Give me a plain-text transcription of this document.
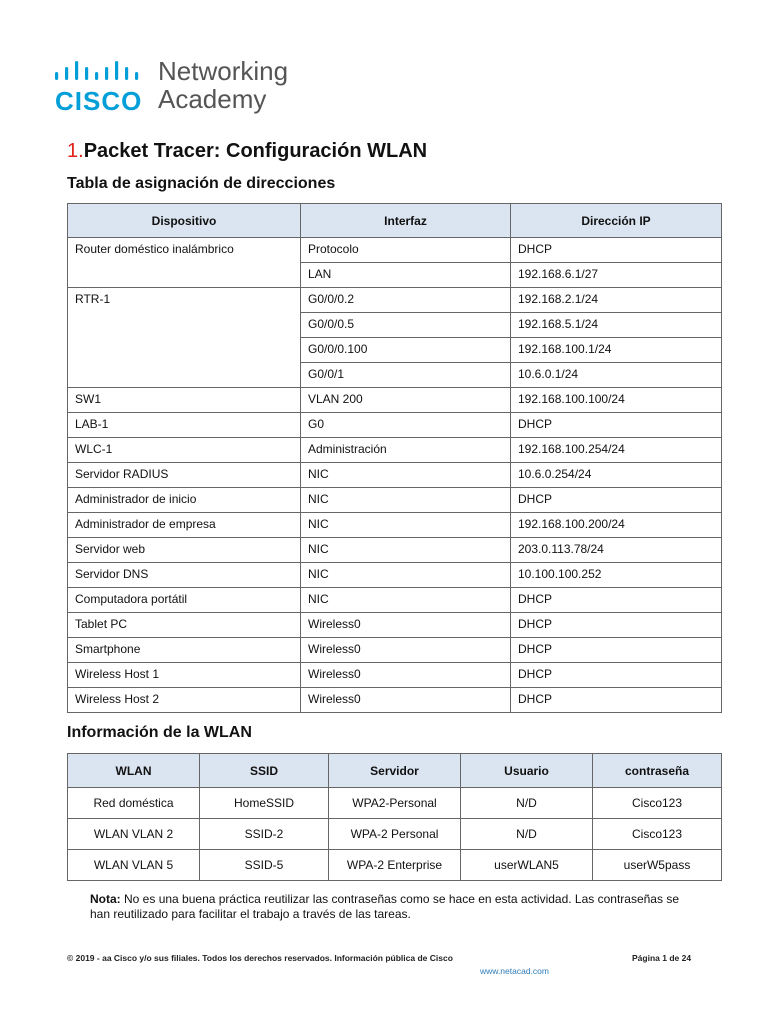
CISCO
Networking
Academy
1.Packet Tracer: Configuración WLAN
Tabla de asignación de direcciones
Dispositivo	Interfaz	Dirección IP
Router doméstico inalámbrico	Protocolo	DHCP
	LAN	192.168.6.1/27
RTR-1	G0/0/0.2	192.168.2.1/24
	G0/0/0.5	192.168.5.1/24
	G0/0/0.100	192.168.100.1/24
	G0/0/1	10.6.0.1/24
SW1	VLAN 200	192.168.100.100/24
LAB-1	G0	DHCP
WLC-1	Administración	192.168.100.254/24
Servidor RADIUS	NIC	10.6.0.254/24
Administrador de inicio	NIC	DHCP
Administrador de empresa	NIC	192.168.100.200/24
Servidor web	NIC	203.0.113.78/24
Servidor DNS	NIC	10.100.100.252
Computadora portátil	NIC	DHCP
Tablet PC	Wireless0	DHCP
Smartphone	Wireless0	DHCP
Wireless Host 1	Wireless0	DHCP
Wireless Host 2	Wireless0	DHCP
Información de la WLAN
WLAN	SSID	Servidor	Usuario	contraseña
Red doméstica	HomeSSID	WPA2-Personal	N/D	Cisco123
WLAN VLAN 2	SSID-2	WPA-2 Personal	N/D	Cisco123
WLAN VLAN 5	SSID-5	WPA-2 Enterprise	userWLAN5	userW5pass
Nota: No es una buena práctica reutilizar las contraseñas como se hace en esta actividad. Las contraseñas se han reutilizado para facilitar el trabajo a través de las tareas.
© 2019 - aa Cisco y/o sus filiales. Todos los derechos reservados. Información pública de Cisco	Página 1 de 24
www.netacad.com
